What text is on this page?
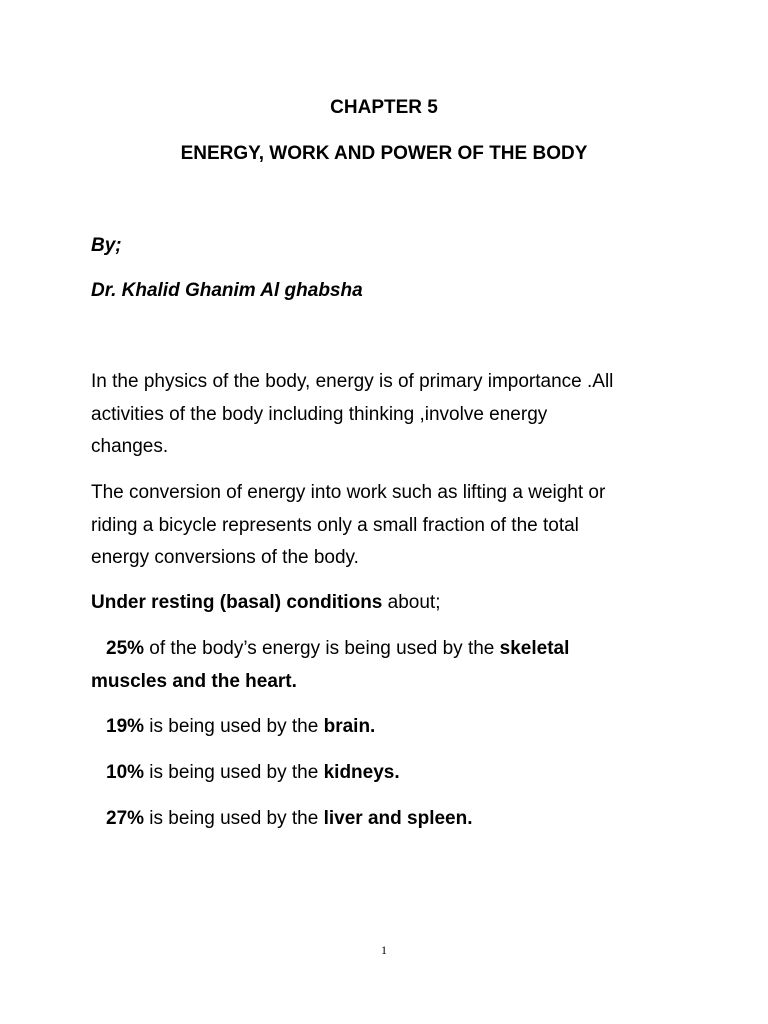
CHAPTER 5

ENERGY, WORK AND POWER OF THE BODY

By;

Dr. Khalid Ghanim Al ghabsha

In the physics of the body, energy is of primary importance .All
activities of the body including thinking ,involve energy
changes.
The conversion of energy into work such as lifting a weight or
riding a bicycle represents only a small fraction of the total
energy conversions of the body.

Under resting (basal) conditions about;

25% of the body’s energy is being used by the skeletal

muscles and the heart.

19% is being used by the brain.

10% is being used by the kidneys.

27% is being used by the liver and spleen.

1
